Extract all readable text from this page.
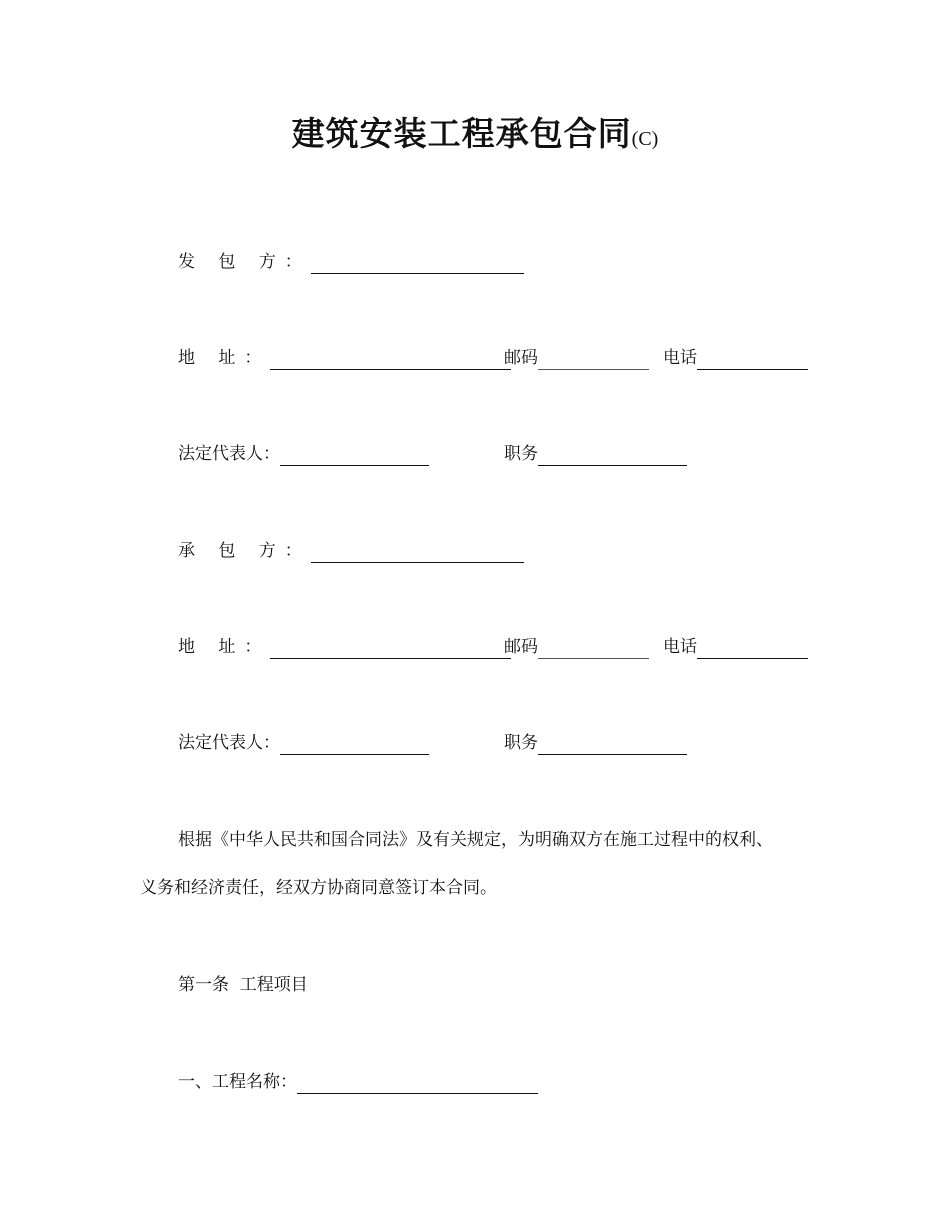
建筑安装工程承包合同(C)
发 包 方：
地 址：	邮码	电话
法定代表人：	职务
承 包 方：
地 址：	邮码	电话
法定代表人：	职务
根据《中华人民共和国合同法》及有关规定，为明确双方在施工过程中的权利、
义务和经济责任，经双方协商同意签订本合同。
第一条  工程项目
一、工程名称：
